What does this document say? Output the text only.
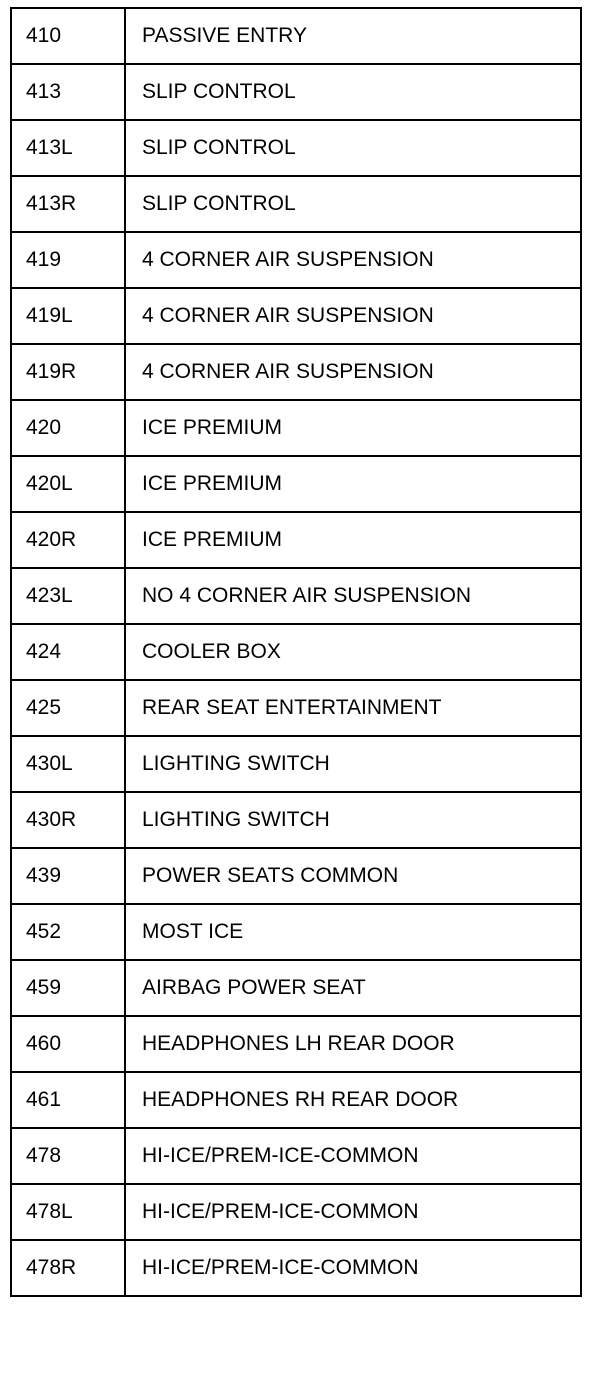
410	PASSIVE ENTRY
413	SLIP CONTROL
413L	SLIP CONTROL
413R	SLIP CONTROL
419	4 CORNER AIR SUSPENSION
419L	4 CORNER AIR SUSPENSION
419R	4 CORNER AIR SUSPENSION
420	ICE PREMIUM
420L	ICE PREMIUM
420R	ICE PREMIUM
423L	NO 4 CORNER AIR SUSPENSION
424	COOLER BOX
425	REAR SEAT ENTERTAINMENT
430L	LIGHTING SWITCH
430R	LIGHTING SWITCH
439	POWER SEATS COMMON
452	MOST ICE
459	AIRBAG POWER SEAT
460	HEADPHONES LH REAR DOOR
461	HEADPHONES RH REAR DOOR
478	HI-ICE/PREM-ICE-COMMON
478L	HI-ICE/PREM-ICE-COMMON
478R	HI-ICE/PREM-ICE-COMMON
